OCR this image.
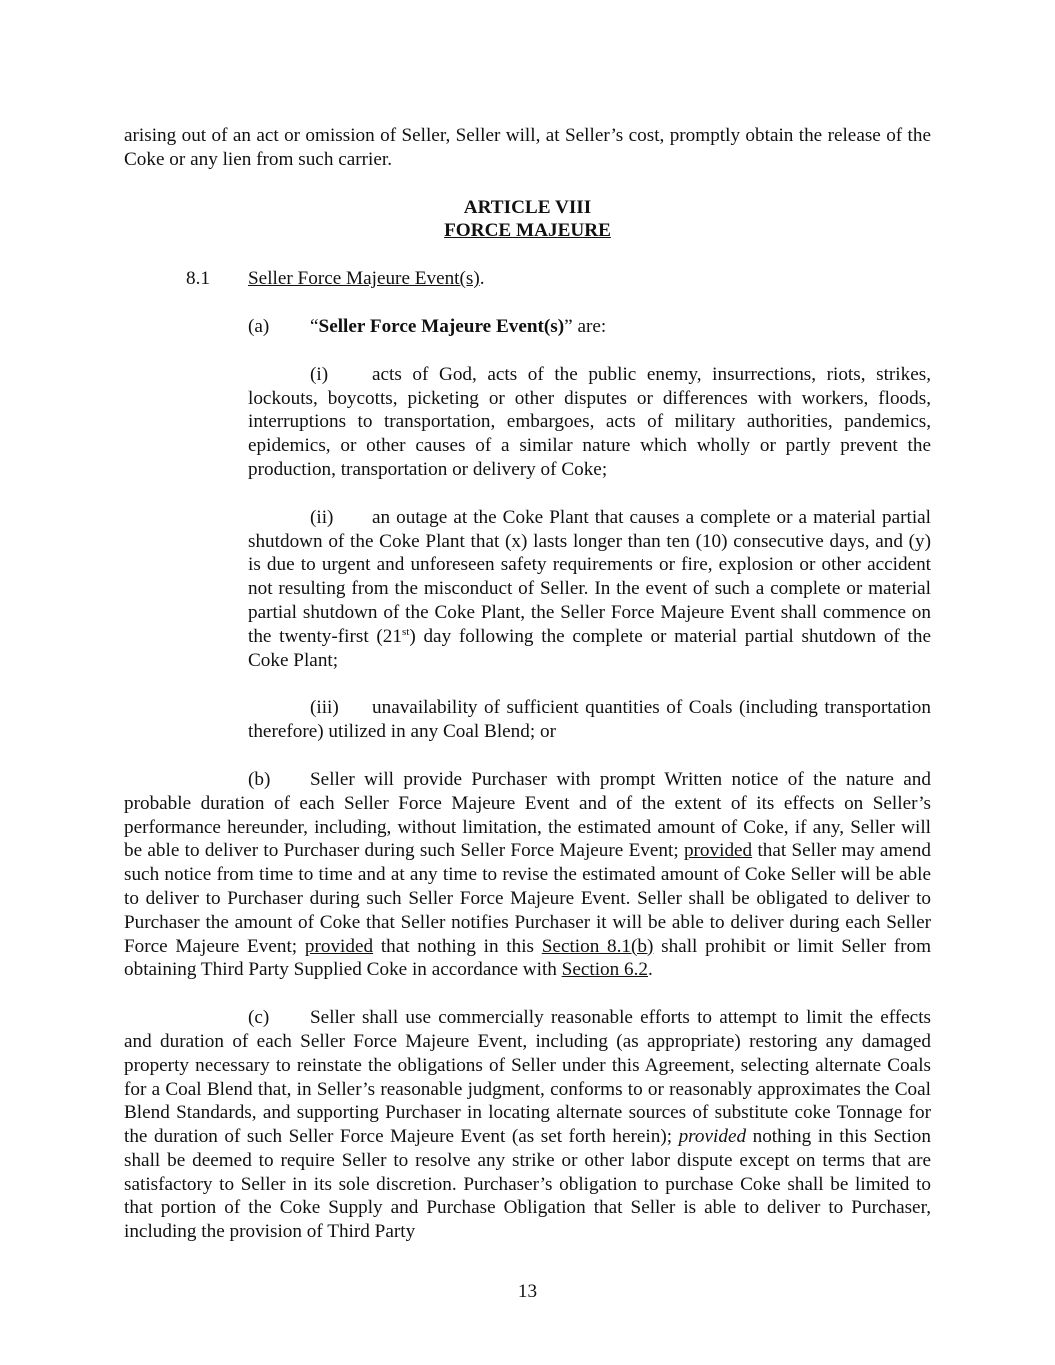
arising out of an act or omission of Seller, Seller will, at Seller’s cost, promptly obtain the release of the Coke or any lien from such carrier.

ARTICLE VIII
FORCE MAJEURE

8.1 Seller Force Majeure Event(s).

(a) “Seller Force Majeure Event(s)” are:

(i) acts of God, acts of the public enemy, insurrections, riots, strikes, lockouts, boycotts, picketing or other disputes or differences with workers, floods, interruptions to transportation, embargoes, acts of military authorities, pandemics, epidemics, or other causes of a similar nature which wholly or partly prevent the production, transportation or delivery of Coke;

(ii) an outage at the Coke Plant that causes a complete or a material partial shutdown of the Coke Plant that (x) lasts longer than ten (10) consecutive days, and (y) is due to urgent and unforeseen safety requirements or fire, explosion or other accident not resulting from the misconduct of Seller. In the event of such a complete or material partial shutdown of the Coke Plant, the Seller Force Majeure Event shall commence on the twenty-first (21st) day following the complete or material partial shutdown of the Coke Plant;

(iii) unavailability of sufficient quantities of Coals (including transportation therefore) utilized in any Coal Blend; or

(b) Seller will provide Purchaser with prompt Written notice of the nature and probable duration of each Seller Force Majeure Event and of the extent of its effects on Seller’s performance hereunder, including, without limitation, the estimated amount of Coke, if any, Seller will be able to deliver to Purchaser during such Seller Force Majeure Event; provided that Seller may amend such notice from time to time and at any time to revise the estimated amount of Coke Seller will be able to deliver to Purchaser during such Seller Force Majeure Event. Seller shall be obligated to deliver to Purchaser the amount of Coke that Seller notifies Purchaser it will be able to deliver during each Seller Force Majeure Event; provided that nothing in this Section 8.1(b) shall prohibit or limit Seller from obtaining Third Party Supplied Coke in accordance with Section 6.2.

(c) Seller shall use commercially reasonable efforts to attempt to limit the effects and duration of each Seller Force Majeure Event, including (as appropriate) restoring any damaged property necessary to reinstate the obligations of Seller under this Agreement, selecting alternate Coals for a Coal Blend that, in Seller’s reasonable judgment, conforms to or reasonably approximates the Coal Blend Standards, and supporting Purchaser in locating alternate sources of substitute coke Tonnage for the duration of such Seller Force Majeure Event (as set forth herein); provided nothing in this Section shall be deemed to require Seller to resolve any strike or other labor dispute except on terms that are satisfactory to Seller in its sole discretion. Purchaser’s obligation to purchase Coke shall be limited to that portion of the Coke Supply and Purchase Obligation that Seller is able to deliver to Purchaser, including the provision of Third Party

13
